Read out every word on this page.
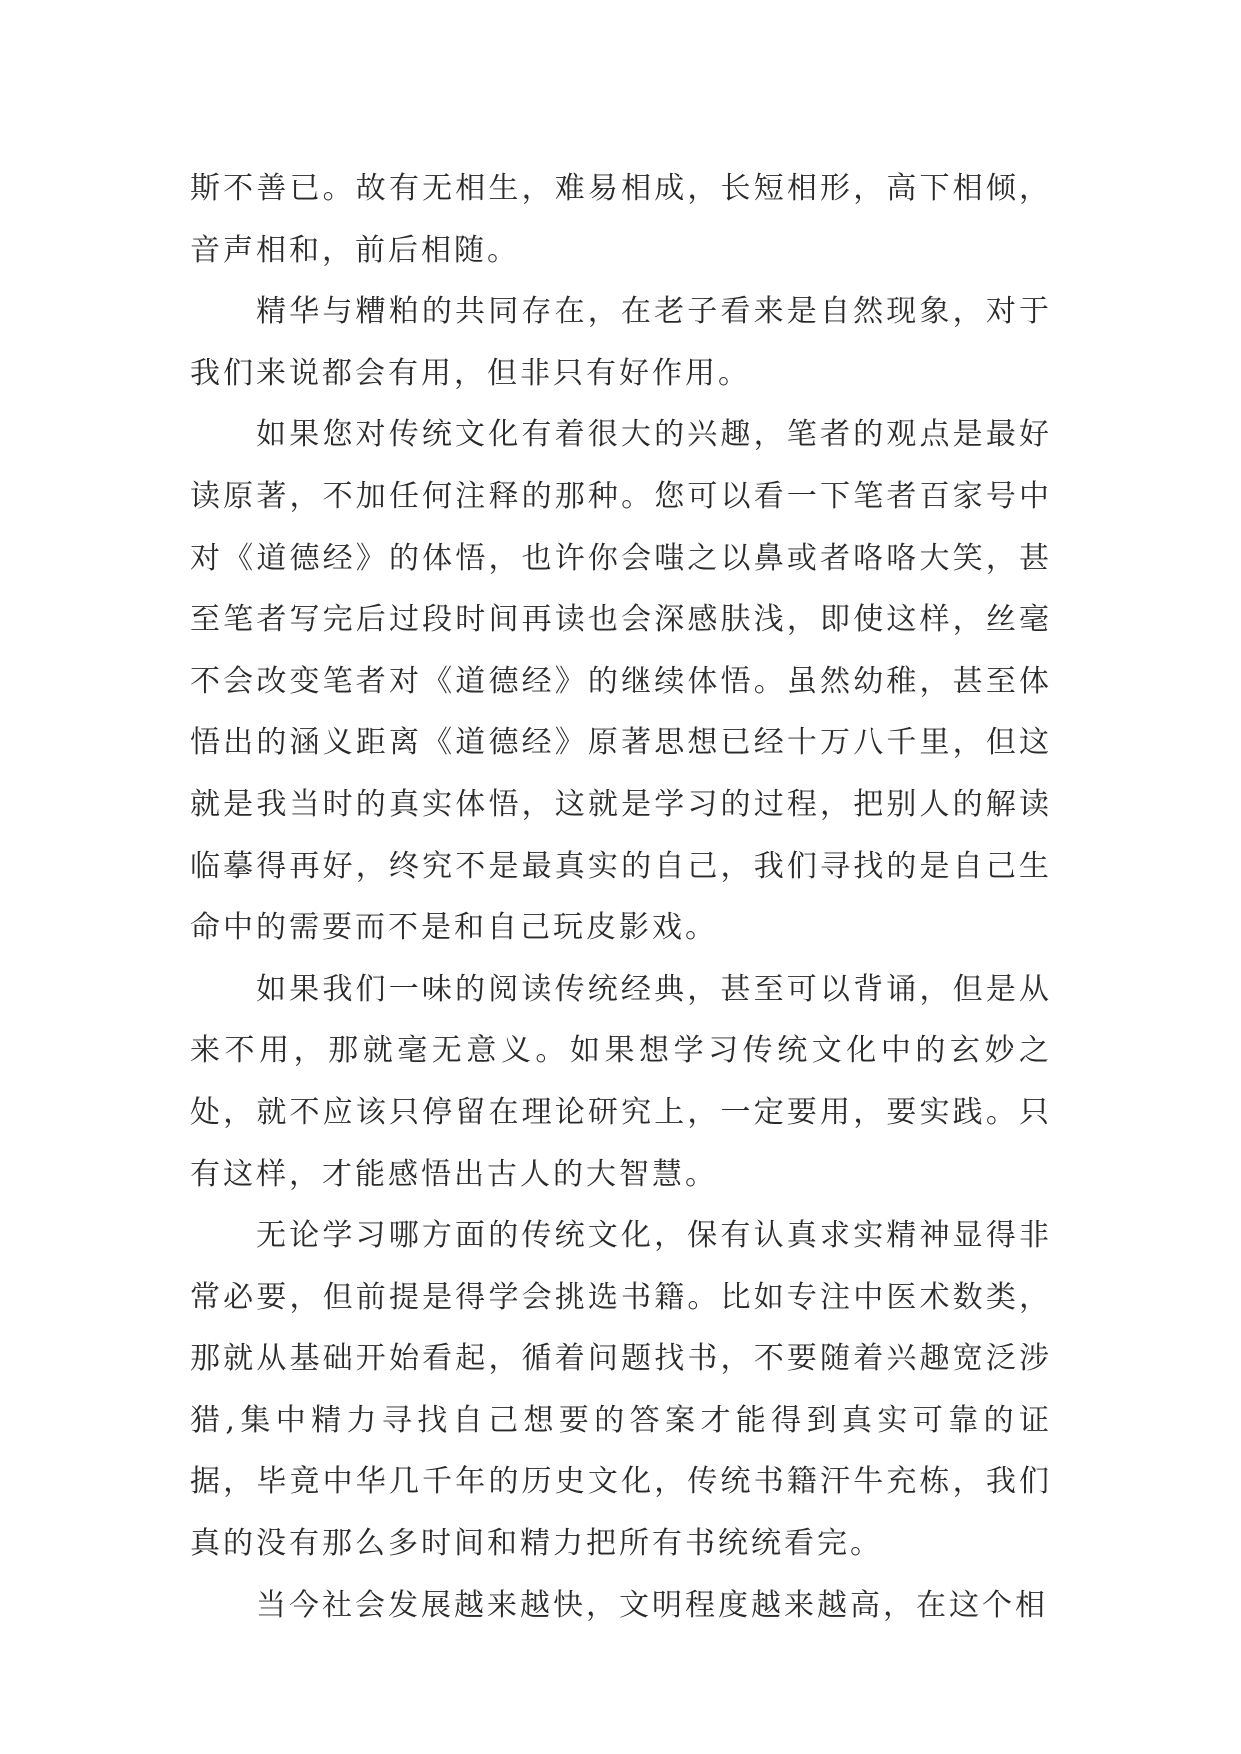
斯不善已。故有无相生，难易相成，长短相形，高下相倾，音声相和，前后相随。

精华与糟粕的共同存在，在老子看来是自然现象，对于我们来说都会有用，但非只有好作用。

如果您对传统文化有着很大的兴趣，笔者的观点是最好读原著，不加任何注释的那种。您可以看一下笔者百家号中对《道德经》的体悟，也许你会嗤之以鼻或者咯咯大笑，甚至笔者写完后过段时间再读也会深感肤浅，即使这样，丝毫不会改变笔者对《道德经》的继续体悟。虽然幼稚，甚至体悟出的涵义距离《道德经》原著思想已经十万八千里，但这就是我当时的真实体悟，这就是学习的过程，把别人的解读临摹得再好，终究不是最真实的自己，我们寻找的是自己生命中的需要而不是和自己玩皮影戏。

如果我们一味的阅读传统经典，甚至可以背诵，但是从来不用，那就毫无意义。如果想学习传统文化中的玄妙之处，就不应该只停留在理论研究上，一定要用，要实践。只有这样，才能感悟出古人的大智慧。

无论学习哪方面的传统文化，保有认真求实精神显得非常必要，但前提是得学会挑选书籍。比如专注中医术数类，那就从基础开始看起，循着问题找书，不要随着兴趣宽泛涉猎,集中精力寻找自己想要的答案才能得到真实可靠的证据，毕竟中华几千年的历史文化，传统书籍汗牛充栋，我们真的没有那么多时间和精力把所有书统统看完。

当今社会发展越来越快，文明程度越来越高，在这个相
